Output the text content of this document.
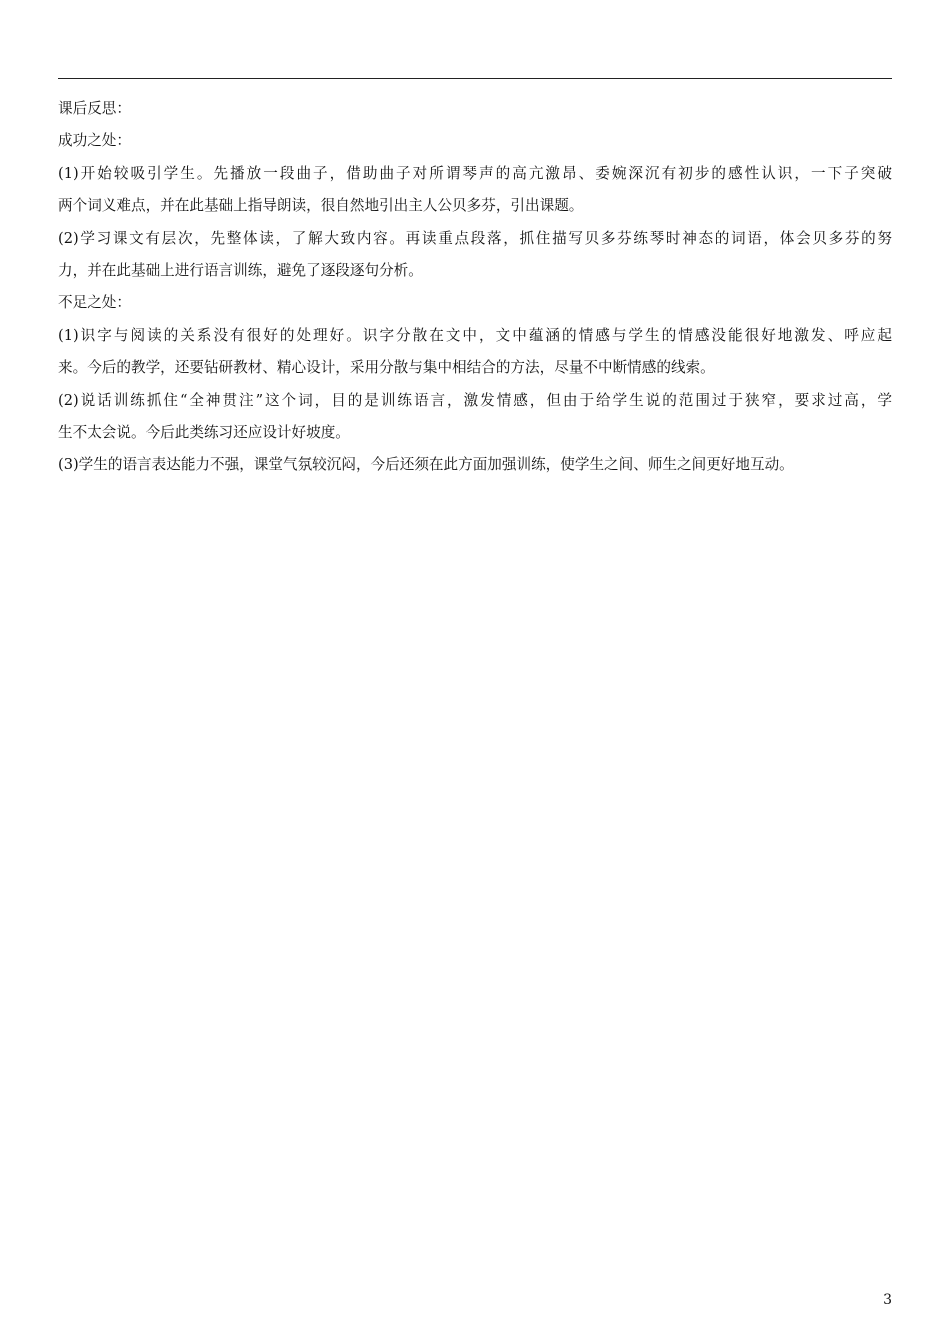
课后反思：

成功之处：

(1)开始较吸引学生。先播放一段曲子，借助曲子对所谓琴声的高亢激昂、委婉深沉有初步的感性认识，一下子突破

两个词义难点，并在此基础上指导朗读，很自然地引出主人公贝多芬，引出课题。

(2)学习课文有层次，先整体读，了解大致内容。再读重点段落，抓住描写贝多芬练琴时神态的词语，体会贝多芬的努

力，并在此基础上进行语言训练，避免了逐段逐句分析。

不足之处：

(1)识字与阅读的关系没有很好的处理好。识字分散在文中，文中蕴涵的情感与学生的情感没能很好地激发、呼应起

来。今后的教学，还要钻研教材、精心设计，采用分散与集中相结合的方法，尽量不中断情感的线索。

(2)说话训练抓住“全神贯注”这个词，目的是训练语言，激发情感，但由于给学生说的范围过于狭窄，要求过高，学

生不太会说。今后此类练习还应设计好坡度。

(3)学生的语言表达能力不强，课堂气氛较沉闷，今后还须在此方面加强训练，使学生之间、师生之间更好地互动。

3
